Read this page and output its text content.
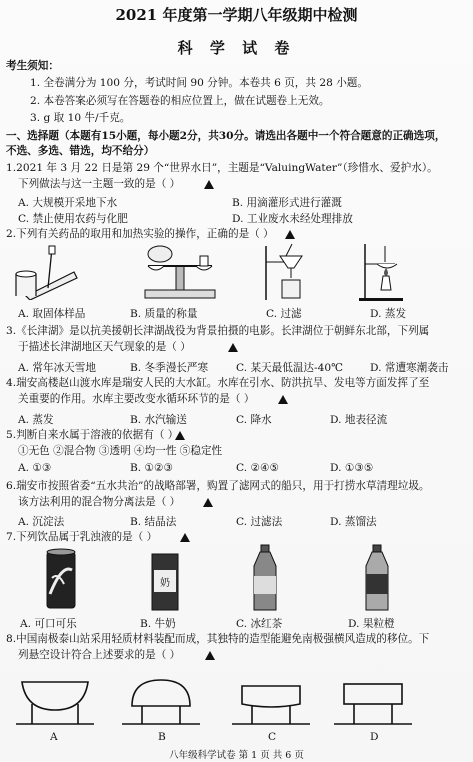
2021 年度第一学期八年级期中检测
科 学 试 卷
考生须知：
1. 全卷满分为 100 分，考试时间 90 分钟。本卷共 6 页，共 28 小题。
2. 本卷答案必须写在答题卷的相应位置上，做在试题卷上无效。
3. g 取 10 牛/千克。
一、选择题（本题有15小题，每小题2分，共30分。请选出各题中一个符合题意的正确选项，
不选、多选、错选，均不给分）
1.2021 年 3 月 22 日是第 29 个“世界水日”，主题是“ValuingWater”（珍惜水、爱护水）。
下列做法与这一主题一致的是（ ）
A. 大规模开采地下水	B. 用滴灌形式进行灌溉
C. 禁止使用农药与化肥	D. 工业废水未经处理排放
2.下列有关药品的取用和加热实验的操作，正确的是（ ）
A. 取固体样品	B. 质量的称量	C. 过滤	D. 蒸发
3.《长津湖》是以抗美援朝长津湖战役为背景拍摄的电影。长津湖位于朝鲜东北部，下列属
于描述长津湖地区天气现象的是（ ）
A. 常年冰天雪地	B. 冬季漫长严寒	C. 某天最低温达-40℃	D. 常遭寒潮袭击
4.瑞安高楼赵山渡水库是瑞安人民的大水缸。水库在引水、防洪抗旱、发电等方面发挥了至
关重要的作用。水库主要改变水循环环节的是（ ）
A. 蒸发	B. 水汽输送	C. 降水	D. 地表径流
5.判断自来水属于溶液的依据有（ ）
①无色 ②混合物 ③透明 ④均一性 ⑤稳定性
A. ①③	B. ①②③	C. ②④⑤	D. ①③⑤
6.瑞安市按照省委“五水共治”的战略部署，购置了滤网式的船只，用于打捞水草清理垃圾。
该方法利用的混合物分离法是（ ）
A. 沉淀法	B. 结晶法	C. 过滤法	D. 蒸馏法
7.下列饮品属于乳浊液的是（ ）
奶
A. 可口可乐	B. 牛奶	C. 冰红茶	D. 果粒橙
8.中国南极泰山站采用轻质材料装配而成，其独特的造型能避免南极强横风造成的移位。下
列悬空设计符合上述要求的是（ ）
A	B	C	D
八年级科学试卷 第 1 页 共 6 页
